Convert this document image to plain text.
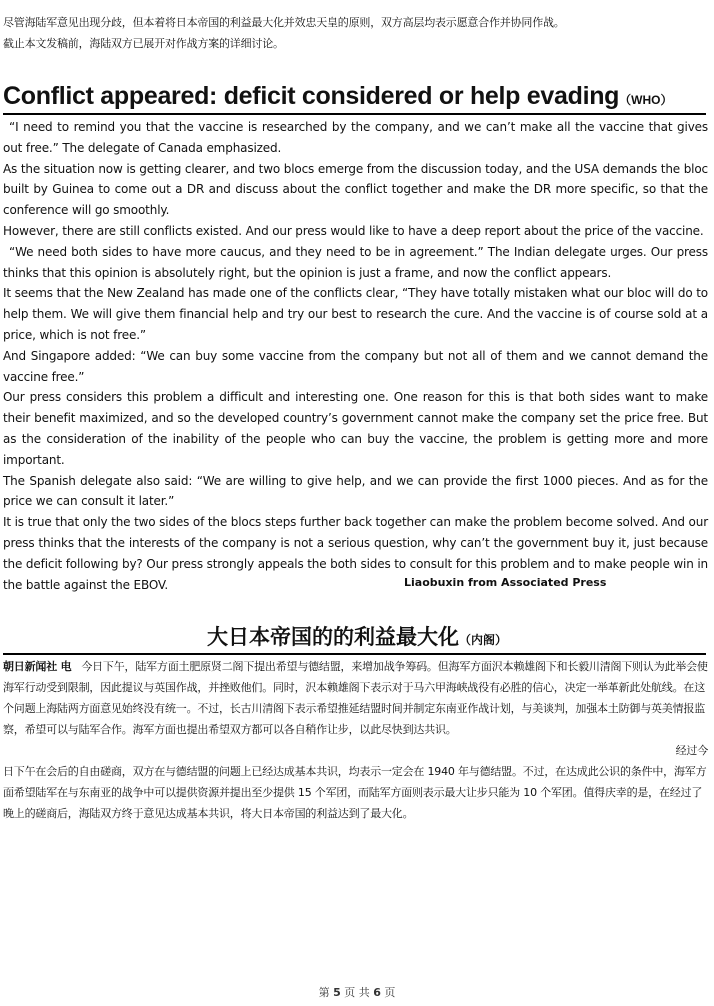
尽管海陆军意见出现分歧，但本着将日本帝国的利益最大化并效忠天皇的原则，双方高层均表示愿意合作并协同作战。

截止本文发稿前，海陆双方已展开对作战方案的详细讨论。

Conflict appeared: deficit considered or help evading（WHO）

“I need to remind you that the vaccine is researched by the company, and we can’t make all the vaccine that gives out free.” The delegate of Canada emphasized.

As the situation now is getting clearer, and two blocs emerge from the discussion today, and the USA demands the bloc built by Guinea to come out a DR and discuss about the conflict together and make the DR more specific, so that the conference will go smoothly.

However, there are still conflicts existed. And our press would like to have a deep report about the price of the vaccine.

“We need both sides to have more caucus, and they need to be in agreement.” The Indian delegate urges. Our press thinks that this opinion is absolutely right, but the opinion is just a frame, and now the conflict appears.

It seems that the New Zealand has made one of the conflicts clear, “They have totally mistaken what our bloc will do to help them. We will give them financial help and try our best to research the cure. And the vaccine is of course sold at a price, which is not free.”

And Singapore added: “We can buy some vaccine from the company but not all of them and we cannot demand the vaccine free.”

Our press considers this problem a difficult and interesting one. One reason for this is that both sides want to make their benefit maximized, and so the developed country’s government cannot make the company set the price free. But as the consideration of the inability of the people who can buy the vaccine, the problem is getting more and more important.

The Spanish delegate also said: “We are willing to give help, and we can provide the first 1000 pieces. And as for the price we can consult it later.”

It is true that only the two sides of the blocs steps further back together can make the problem become solved. And our press thinks that the interests of the company is not a serious question, why can’t the government buy it, just because the deficit following by? Our press strongly appeals the both sides to consult for this problem and to make people win in the battle against the EBOV.	Liaobuxin from Associated Press
大日本帝国的的利益最大化（内阁）

朝日新闻社 电 今日下午，陆军方面土肥原贤二阁下提出希望与德结盟，来增加战争筹码。但海军方面沢本赖雄阁下和长毅川清阁下则认为此举会使海军行动受到限制，因此提议与英国作战，并挫败他们。同时，沢本赖雄阁下表示对于马六甲海峡战役有必胜的信心，决定一举革新此处航线。在这个问题上海陆两方面意见始终没有统一。不过，长古川清阁下表示希望推延结盟时间并制定东南亚作战计划，与美谈判，加强本土防御与英美情报监察，希望可以与陆军合作。海军方面也提出希望双方都可以各自稍作让步，以此尽快到达共识。

经过今

日下午在会后的自由磋商，双方在与德结盟的问题上已经达成基本共识，均表示一定会在 1940 年与德结盟。不过，在达成此公识的条件中，海军方面希望陆军在与东南亚的战争中可以提供资源并提出至少提供 15 个军团，而陆军方面则表示最大让步只能为 10 个军团。值得庆幸的是，在经过了晚上的磋商后，海陆双方终于意见达成基本共识，将大日本帝国的利益达到了最大化。

第 5 页 共 6 页
